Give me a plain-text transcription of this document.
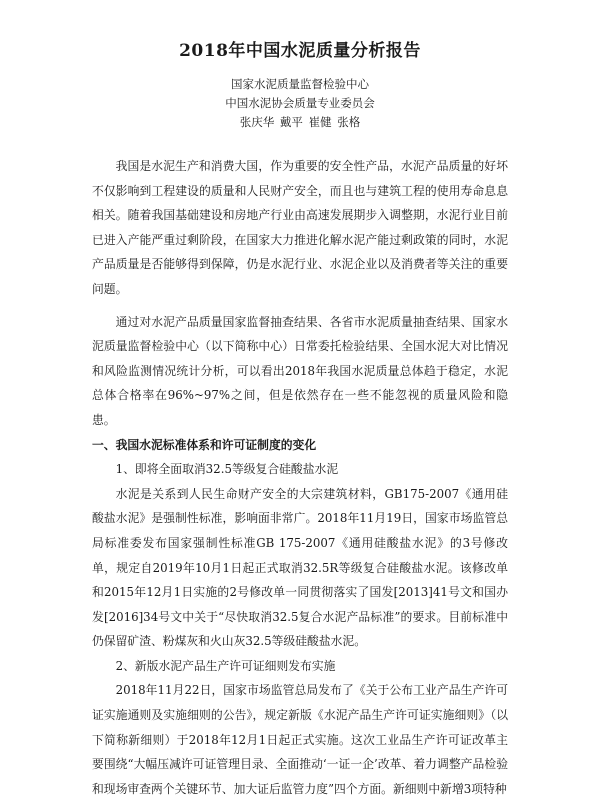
2018年中国水泥质量分析报告

国家水泥质量监督检验中心

中国水泥协会质量专业委员会

张庆华 戴平 崔健 张格

我国是水泥生产和消费大国，作为重要的安全性产品，水泥产品质量的好坏不仅影响到工程建设的质量和人民财产安全，而且也与建筑工程的使用寿命息息相关。随着我国基础建设和房地产行业由高速发展期步入调整期，水泥行业目前已进入产能严重过剩阶段，在国家大力推进化解水泥产能过剩政策的同时，水泥产品质量是否能够得到保障，仍是水泥行业、水泥企业以及消费者等关注的重要问题。

通过对水泥产品质量国家监督抽查结果、各省市水泥质量抽查结果、国家水泥质量监督检验中心（以下简称中心）日常委托检验结果、全国水泥大对比情况和风险监测情况统计分析，可以看出2018年我国水泥质量总体趋于稳定，水泥总体合格率在96%~97%之间，但是依然存在一些不能忽视的质量风险和隐患。

一、我国水泥标准体系和许可证制度的变化
1、即将全面取消32.5等级复合硅酸盐水泥

水泥是关系到人民生命财产安全的大宗建筑材料，GB175-2007《通用硅酸盐水泥》是强制性标准，影响面非常广。2018年11月19日，国家市场监管总局标准委发布国家强制性标准GB 175-2007《通用硅酸盐水泥》的3号修改单，规定自2019年10月1日起正式取消32.5R等级复合硅酸盐水泥。该修改单和2015年12月1日实施的2号修改单一同贯彻落实了国发[2013]41号文和国办发[2016]34号文中关于“尽快取消32.5复合水泥产品标准”的要求。目前标准中仍保留矿渣、粉煤灰和火山灰32.5等级硅酸盐水泥。

2、新版水泥产品生产许可证细则发布实施

2018年11月22日，国家市场监管总局发布了《关于公布工业产品生产许可证实施通则及实施细则的公告》，规定新版《水泥产品生产许可证实施细则》（以下简称新细则）于2018年12月1日起正式实施。这次工业品生产许可证改革主要围绕“大幅压减许可证管理目录、全面推动‘一证一企’改革、着力调整产品检验和现场审查两个关键环节、加大证后监管力度”四个方面。新细则中新增3项特种
